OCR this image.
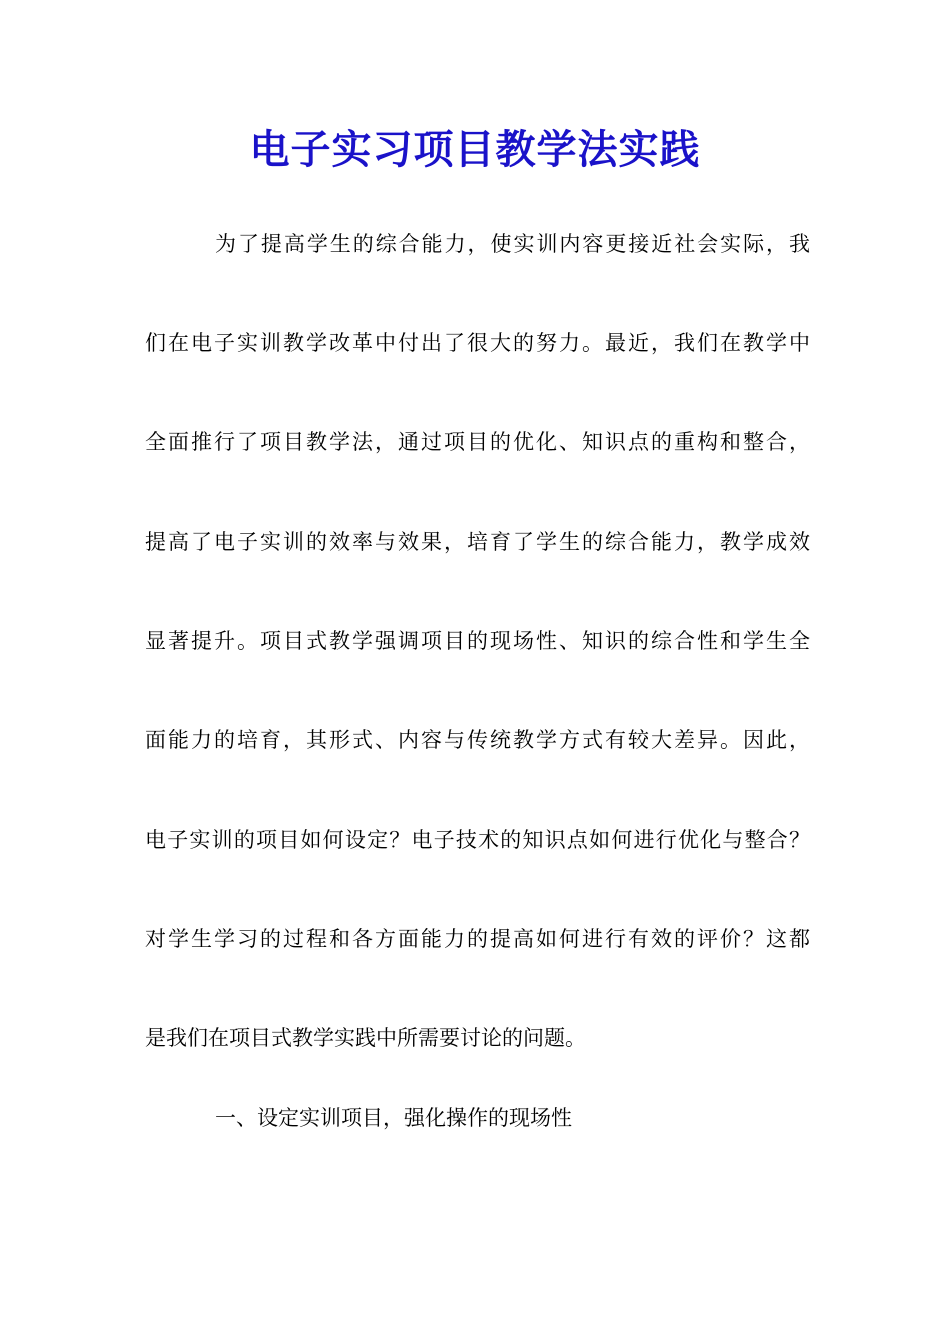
电子实习项目教学法实践

为了提高学生的综合能力，使实训内容更接近社会实际，我

们在电子实训教学改革中付出了很大的努力。最近，我们在教学中

全面推行了项目教学法，通过项目的优化、知识点的重构和整合，

提高了电子实训的效率与效果，培育了学生的综合能力，教学成效

显著提升。项目式教学强调项目的现场性、知识的综合性和学生全

面能力的培育，其形式、内容与传统教学方式有较大差异。因此，

电子实训的项目如何设定？电子技术的知识点如何进行优化与整合？

对学生学习的过程和各方面能力的提高如何进行有效的评价？这都

是我们在项目式教学实践中所需要讨论的问题。

一、设定实训项目，强化操作的现场性
